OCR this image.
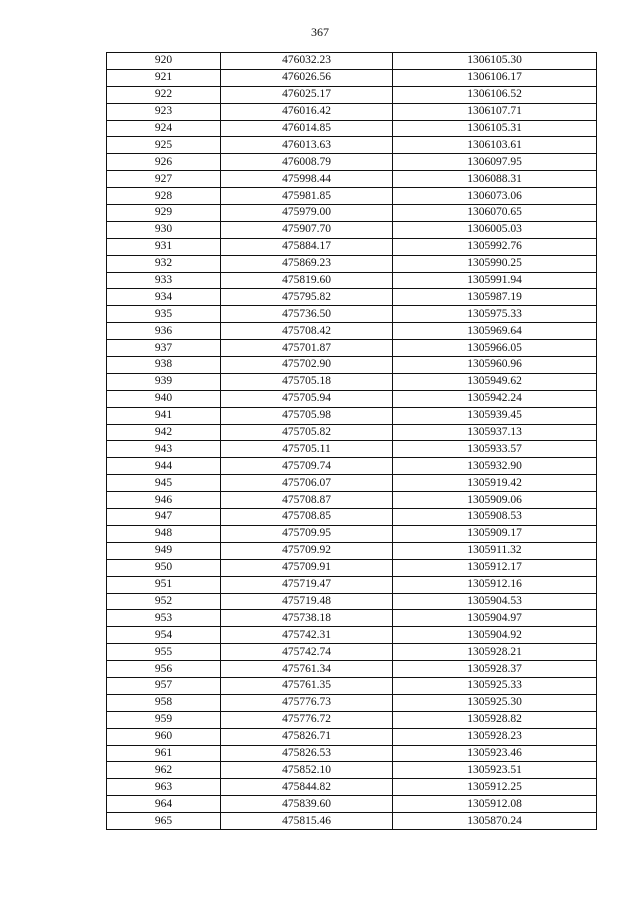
367
920	476032.23	1306105.30
921	476026.56	1306106.17
922	476025.17	1306106.52
923	476016.42	1306107.71
924	476014.85	1306105.31
925	476013.63	1306103.61
926	476008.79	1306097.95
927	475998.44	1306088.31
928	475981.85	1306073.06
929	475979.00	1306070.65
930	475907.70	1306005.03
931	475884.17	1305992.76
932	475869.23	1305990.25
933	475819.60	1305991.94
934	475795.82	1305987.19
935	475736.50	1305975.33
936	475708.42	1305969.64
937	475701.87	1305966.05
938	475702.90	1305960.96
939	475705.18	1305949.62
940	475705.94	1305942.24
941	475705.98	1305939.45
942	475705.82	1305937.13
943	475705.11	1305933.57
944	475709.74	1305932.90
945	475706.07	1305919.42
946	475708.87	1305909.06
947	475708.85	1305908.53
948	475709.95	1305909.17
949	475709.92	1305911.32
950	475709.91	1305912.17
951	475719.47	1305912.16
952	475719.48	1305904.53
953	475738.18	1305904.97
954	475742.31	1305904.92
955	475742.74	1305928.21
956	475761.34	1305928.37
957	475761.35	1305925.33
958	475776.73	1305925.30
959	475776.72	1305928.82
960	475826.71	1305928.23
961	475826.53	1305923.46
962	475852.10	1305923.51
963	475844.82	1305912.25
964	475839.60	1305912.08
965	475815.46	1305870.24
